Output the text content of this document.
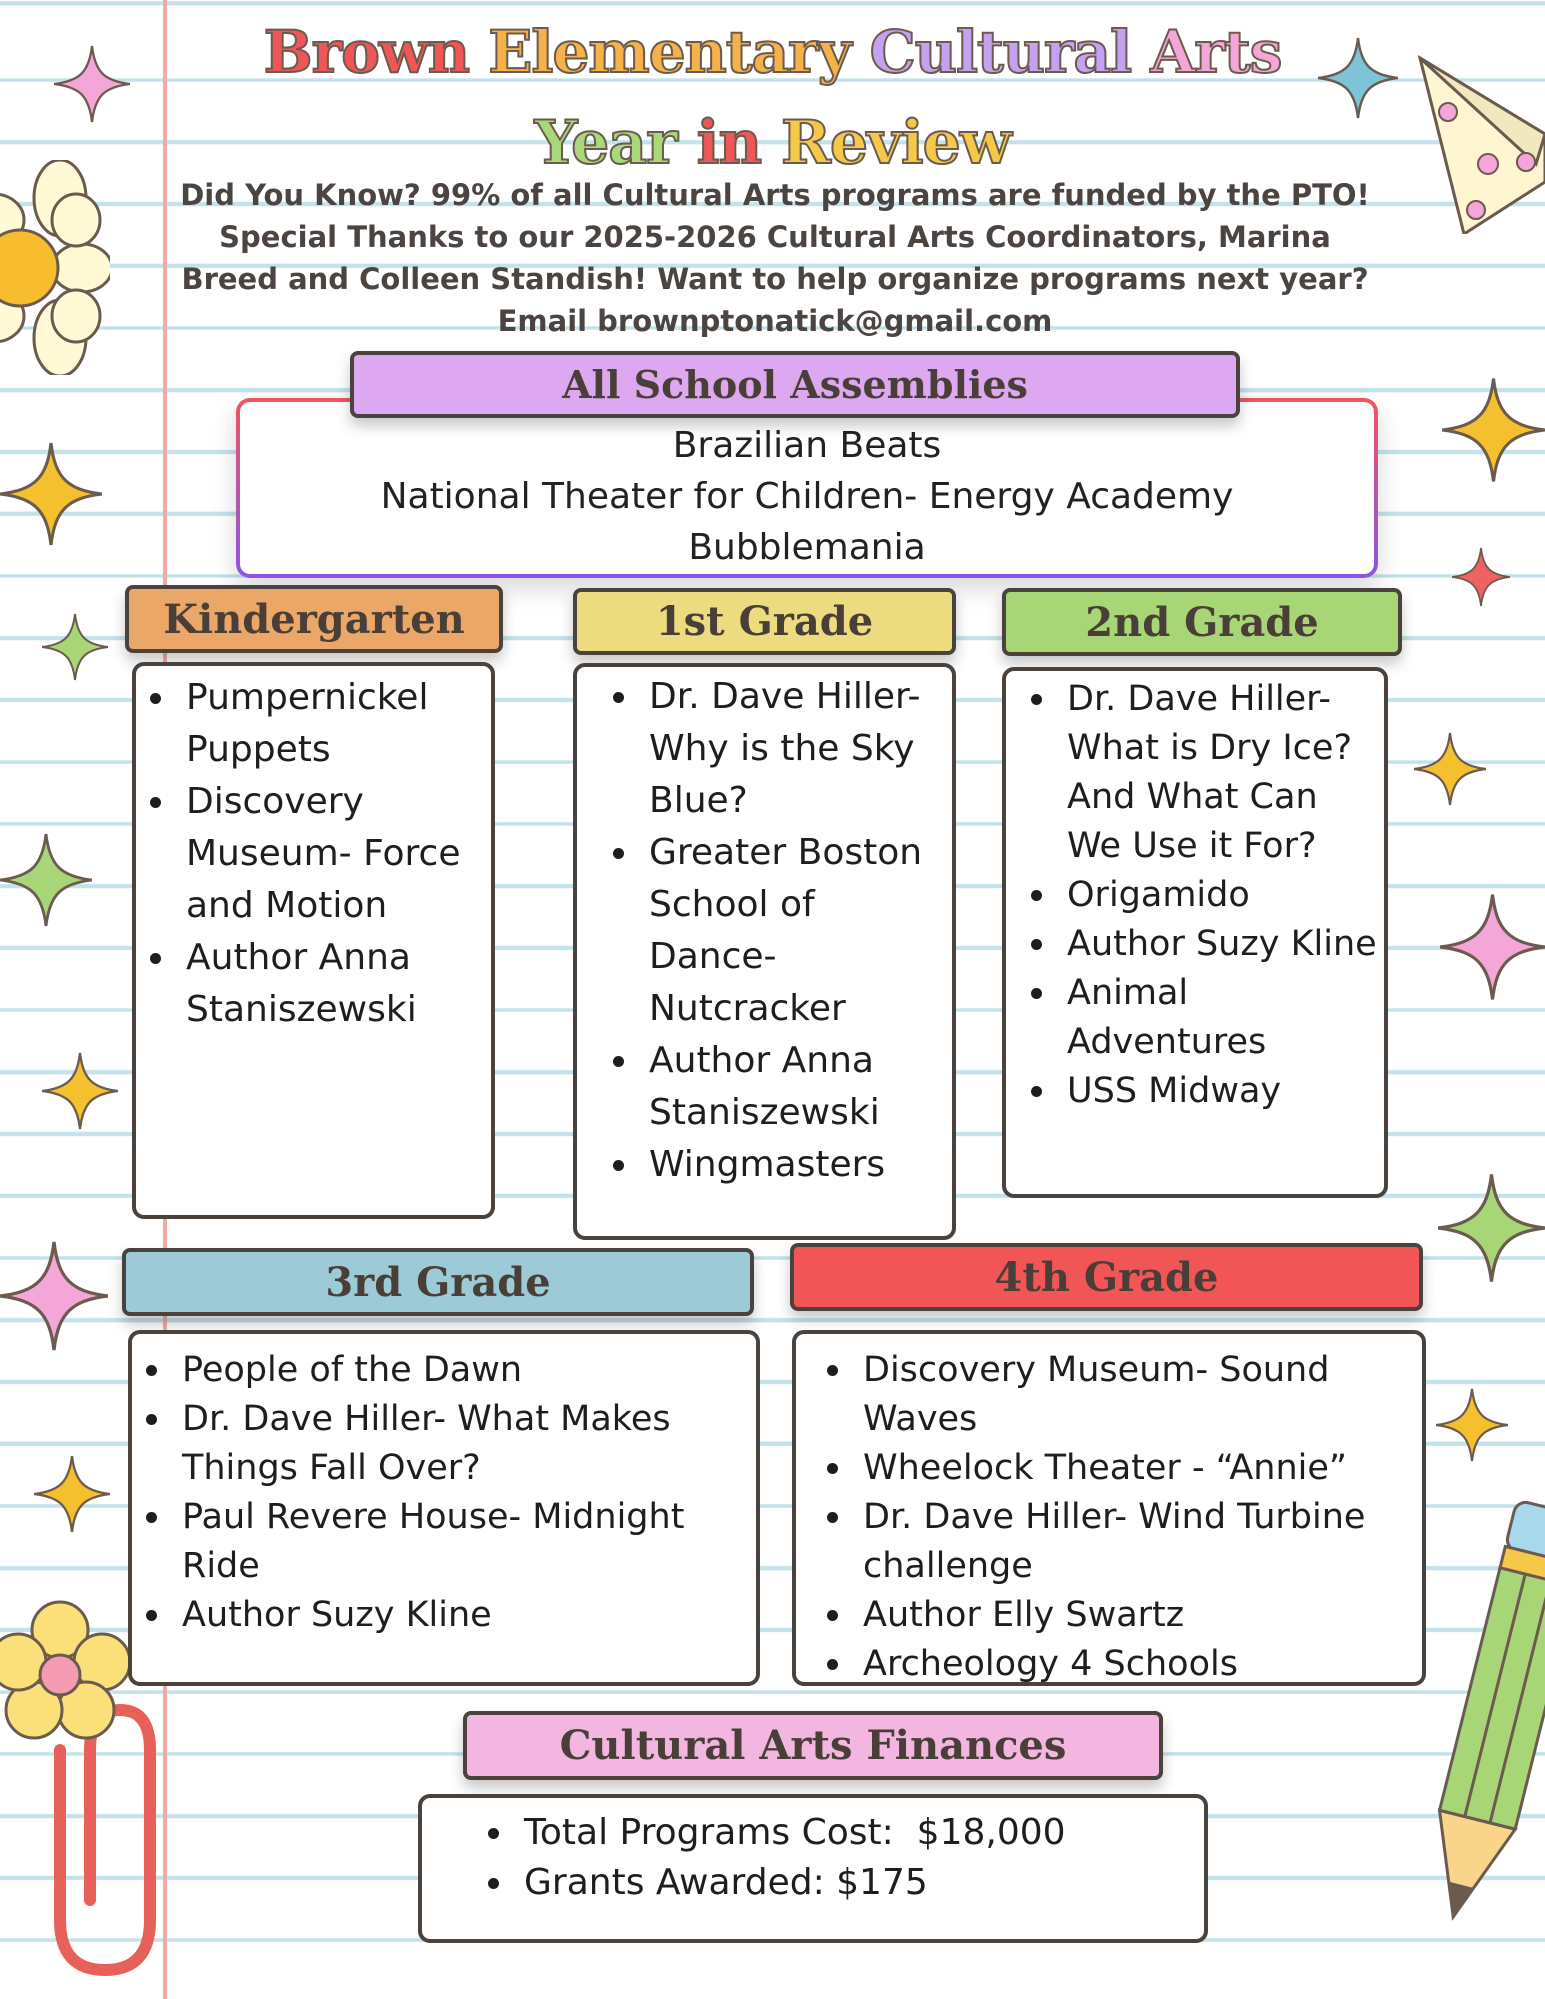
Brown Elementary Cultural Arts
Year in Review
Did You Know? 99% of all Cultural Arts programs are funded by the PTO!
Special Thanks to our 2025-2026 Cultural Arts Coordinators, Marina
Breed and Colleen Standish! Want to help organize programs next year?
Email brownptonatick@gmail.com
Brazilian Beats
National Theater for Children- Energy Academy
Bubblemania
All School Assemblies
Kindergarten
Pumpernickel
Puppets
Discovery
Museum- Force
and Motion
Author Anna
Staniszewski
1st Grade
Dr. Dave Hiller-
Why is the Sky
Blue?
Greater Boston
School of
Dance-
Nutcracker
Author Anna
Staniszewski
Wingmasters
2nd Grade
Dr. Dave Hiller-
What is Dry Ice?
And What Can
We Use it For?
Origamido
Author Suzy Kline
Animal
Adventures
USS Midway
3rd Grade
People of the Dawn
Dr. Dave Hiller- What Makes
Things Fall Over?
Paul Revere House- Midnight
Ride
Author Suzy Kline
4th Grade
Discovery Museum- Sound
Waves
Wheelock Theater - “Annie”
Dr. Dave Hiller- Wind Turbine
challenge
Author Elly Swartz
Archeology 4 Schools
Cultural Arts Finances
Total Programs Cost:  $18,000
Grants Awarded: $175
